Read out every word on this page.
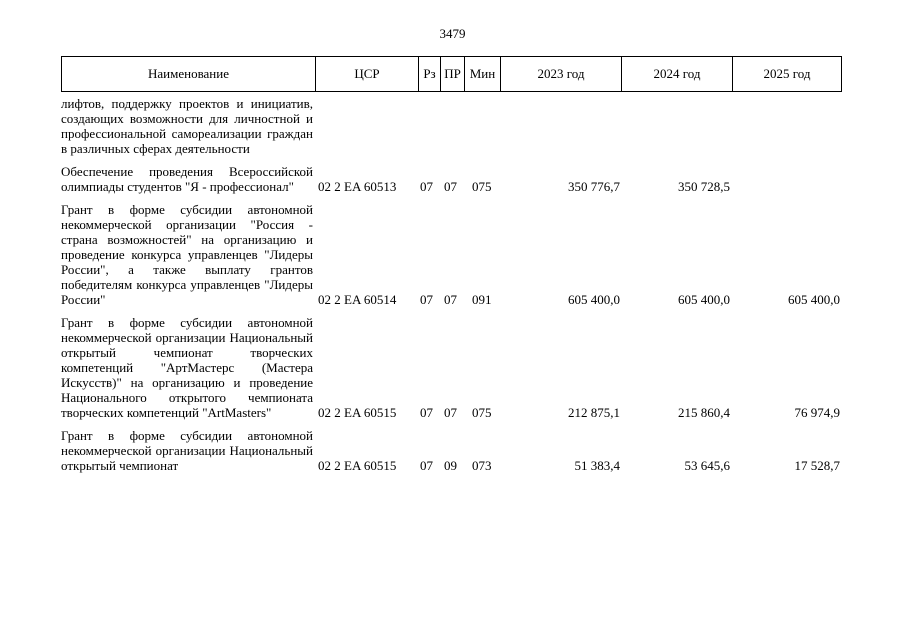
3479
Наименование	ЦСР	Рз ПР Мин	2023 год	2024 год	2025 год
лифтов, поддержку проектов и инициатив, создающих возможности для личностной и профессиональной самореализации граждан в различных сферах деятельности
Обеспечение проведения Всероссийской олимпиады студентов "Я - профессионал"	02 2 EA 60513 07 07 075	350 776,7	350 728,5
Грант в форме субсидии автономной некоммерческой организации "Россия - страна возможностей" на организацию и проведение конкурса управленцев "Лидеры России", а также выплату грантов победителям конкурса управленцев "Лидеры России"	02 2 EA 60514 07 07 091	605 400,0	605 400,0	605 400,0
Грант в форме субсидии автономной некоммерческой организации Национальный открытый чемпионат творческих компетенций "АртМастерс (Мастера Искусств)" на организацию и проведение Национального открытого чемпионата творческих компетенций "ArtMasters"	02 2 EA 60515 07 07 075	212 875,1	215 860,4	76 974,9
Грант в форме субсидии автономной некоммерческой организации Национальный открытый чемпионат	02 2 EA 60515 07 09 073	51 383,4	53 645,6	17 528,7
